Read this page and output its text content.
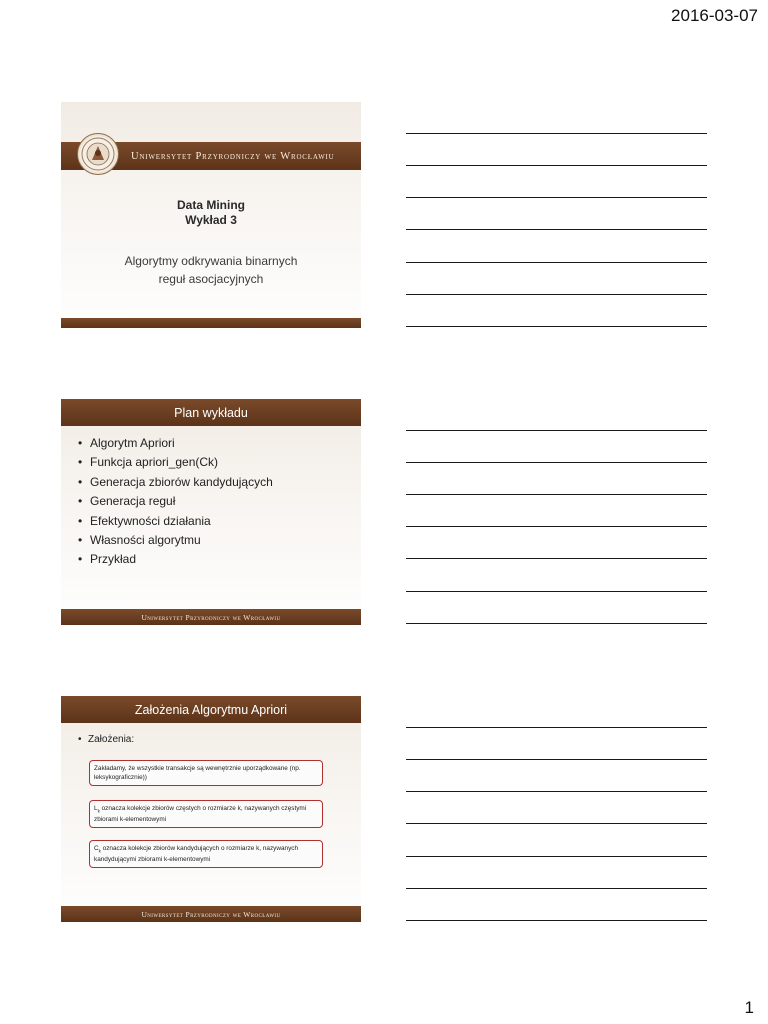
2016-03-07
Uniwersytet Przyrodniczy we Wrocławiu
Data Mining
Wykład 3
Algorytmy odkrywania binarnych
reguł asocjacyjnych
Plan wykładu
• Algorytm Apriori
• Funkcja apriori_gen(Ck)
• Generacja zbiorów kandydujących
• Generacja reguł
• Efektywności działania
• Własności algorytmu
• Przykład
Uniwersytet Przyrodniczy we Wrocławiu
Założenia Algorytmu Apriori
• Założenia:
Zakładamy, że wszystkie transakcje są wewnętrznie uporządkowane (np. leksykograficznie))
$L_k$ oznacza kolekcje zbiorów częstych o rozmiarze k, nazywanych częstymi zbiorami k-elementowymi
$C_k$ oznacza kolekcje zbiorów kandydujących o rozmiarze k, nazywanych kandydującymi zbiorami k-elementowymi
Uniwersytet Przyrodniczy we Wrocławiu
1
